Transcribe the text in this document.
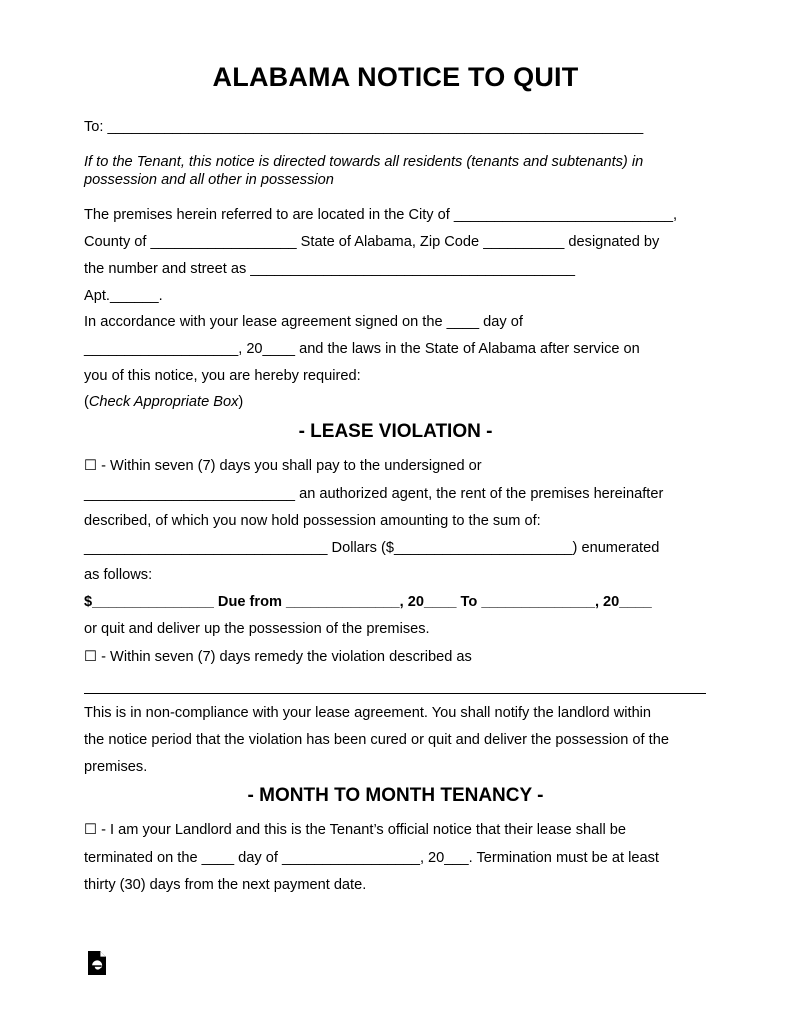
ALABAMA NOTICE TO QUIT
To: __________________________________________________________________
If to the Tenant, this notice is directed towards all residents (tenants and subtenants) in
possession and all other in possession
The premises herein referred to are located in the City of ___________________________,
County of __________________ State of Alabama, Zip Code __________ designated by
the number and street as ________________________________________
Apt.______.
In accordance with your lease agreement signed on the ____ day of
___________________, 20____ and the laws in the State of Alabama after service on
you of this notice, you are hereby required:
(Check Appropriate Box)
- LEASE VIOLATION -
☐ - Within seven (7) days you shall pay to the undersigned or
__________________________ an authorized agent, the rent of the premises hereinafter
described, of which you now hold possession amounting to the sum of:
______________________________ Dollars ($______________________) enumerated
as follows:
$_______________ Due from ______________, 20____ To ______________, 20____
or quit and deliver up the possession of the premises.
☐ - Within seven (7) days remedy the violation described as
This is in non-compliance with your lease agreement. You shall notify the landlord within
the notice period that the violation has been cured or quit and deliver the possession of the
premises.
- MONTH TO MONTH TENANCY -
☐ - I am your Landlord and this is the Tenant’s official notice that their lease shall be
terminated on the ____ day of _________________, 20___. Termination must be at least
thirty (30) days from the next payment date.
